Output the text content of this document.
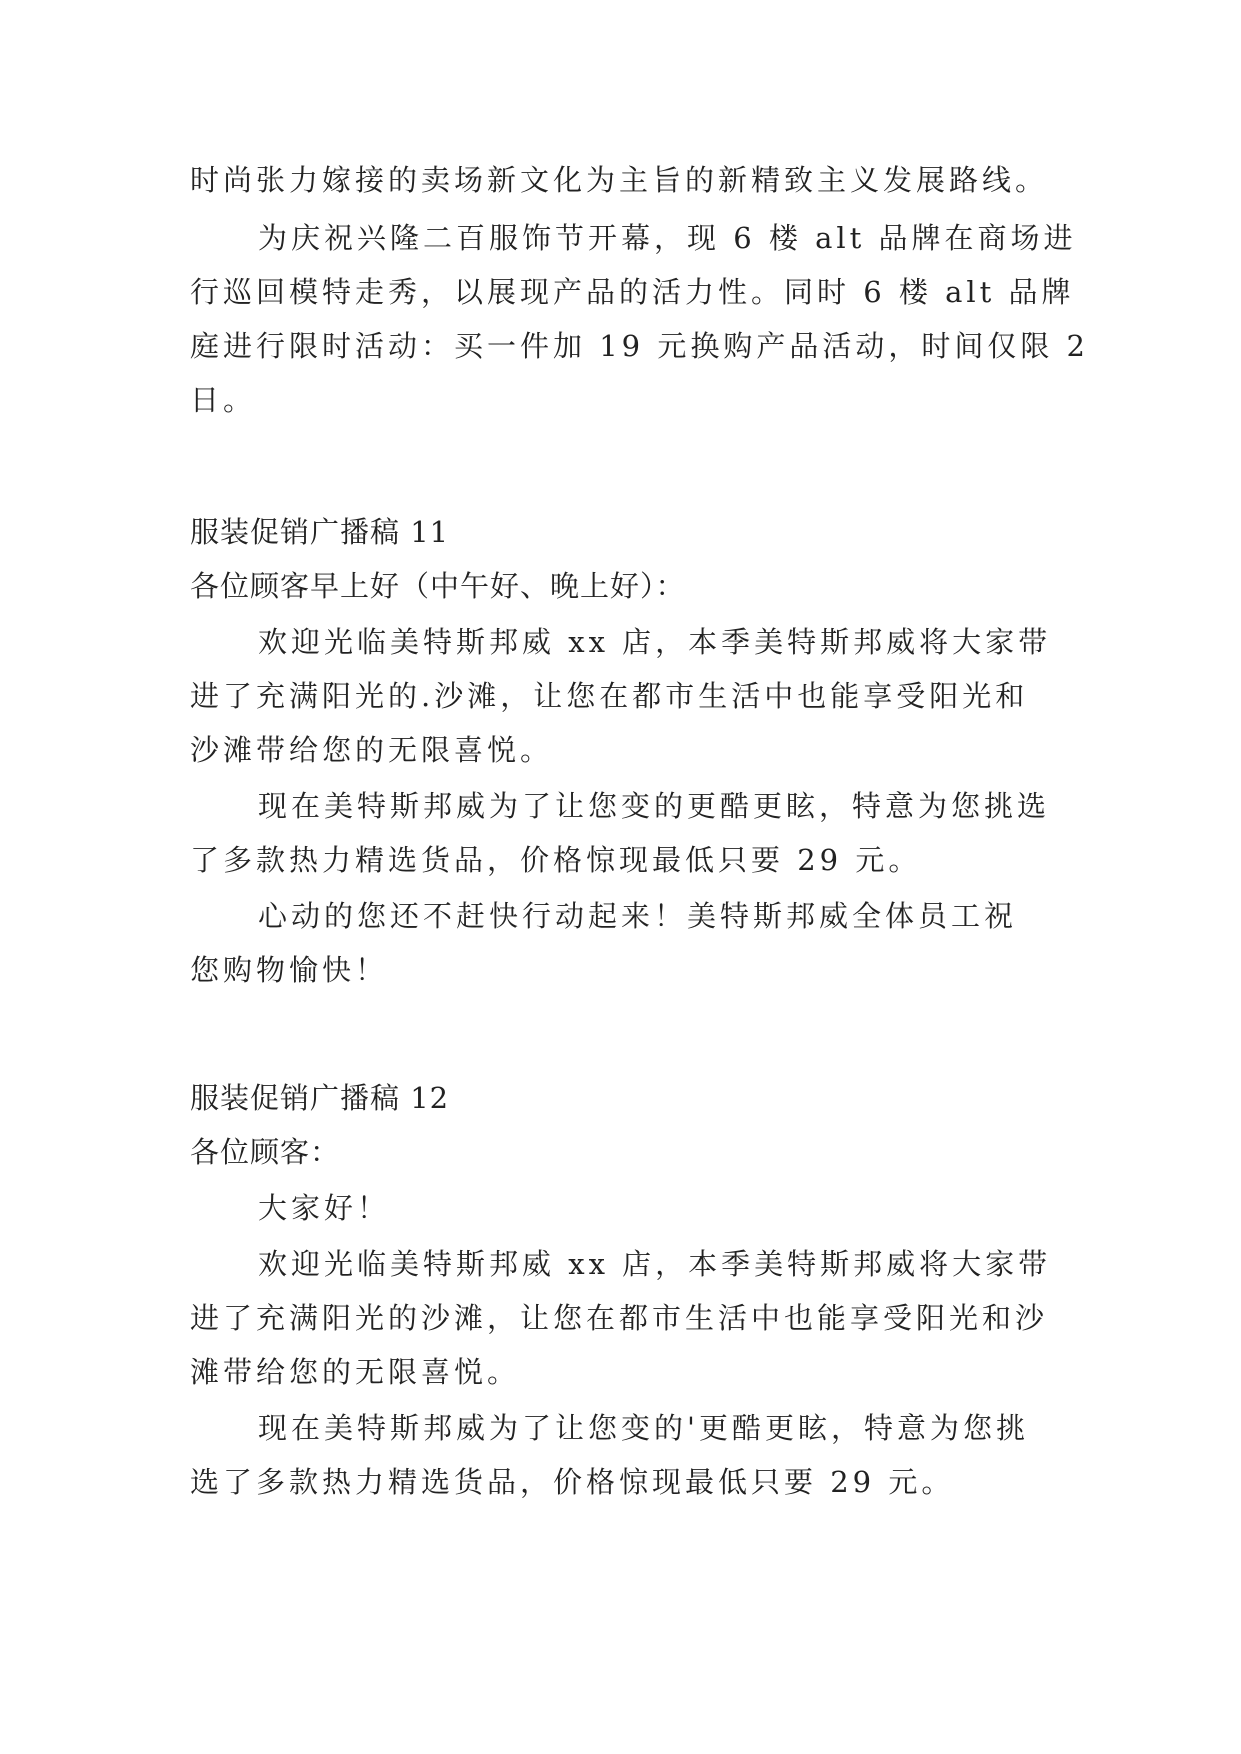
时尚张力嫁接的卖场新文化为主旨的新精致主义发展路线。
为庆祝兴隆二百服饰节开幕，现 6 楼 alt 品牌在商场进
行巡回模特走秀，以展现产品的活力性。同时 6 楼 alt 品牌
庭进行限时活动：买一件加 19 元换购产品活动，时间仅限 2
日。
服装促销广播稿 11
各位顾客早上好（中午好、晚上好）：
欢迎光临美特斯邦威 xx 店，本季美特斯邦威将大家带
进了充满阳光的.沙滩，让您在都市生活中也能享受阳光和
沙滩带给您的无限喜悦。
现在美特斯邦威为了让您变的更酷更眩，特意为您挑选
了多款热力精选货品，价格惊现最低只要 29 元。
心动的您还不赶快行动起来！美特斯邦威全体员工祝
您购物愉快！
服装促销广播稿 12
各位顾客：
大家好！
欢迎光临美特斯邦威 xx 店，本季美特斯邦威将大家带
进了充满阳光的沙滩，让您在都市生活中也能享受阳光和沙
滩带给您的无限喜悦。
现在美特斯邦威为了让您变的'更酷更眩，特意为您挑
选了多款热力精选货品，价格惊现最低只要 29 元。
